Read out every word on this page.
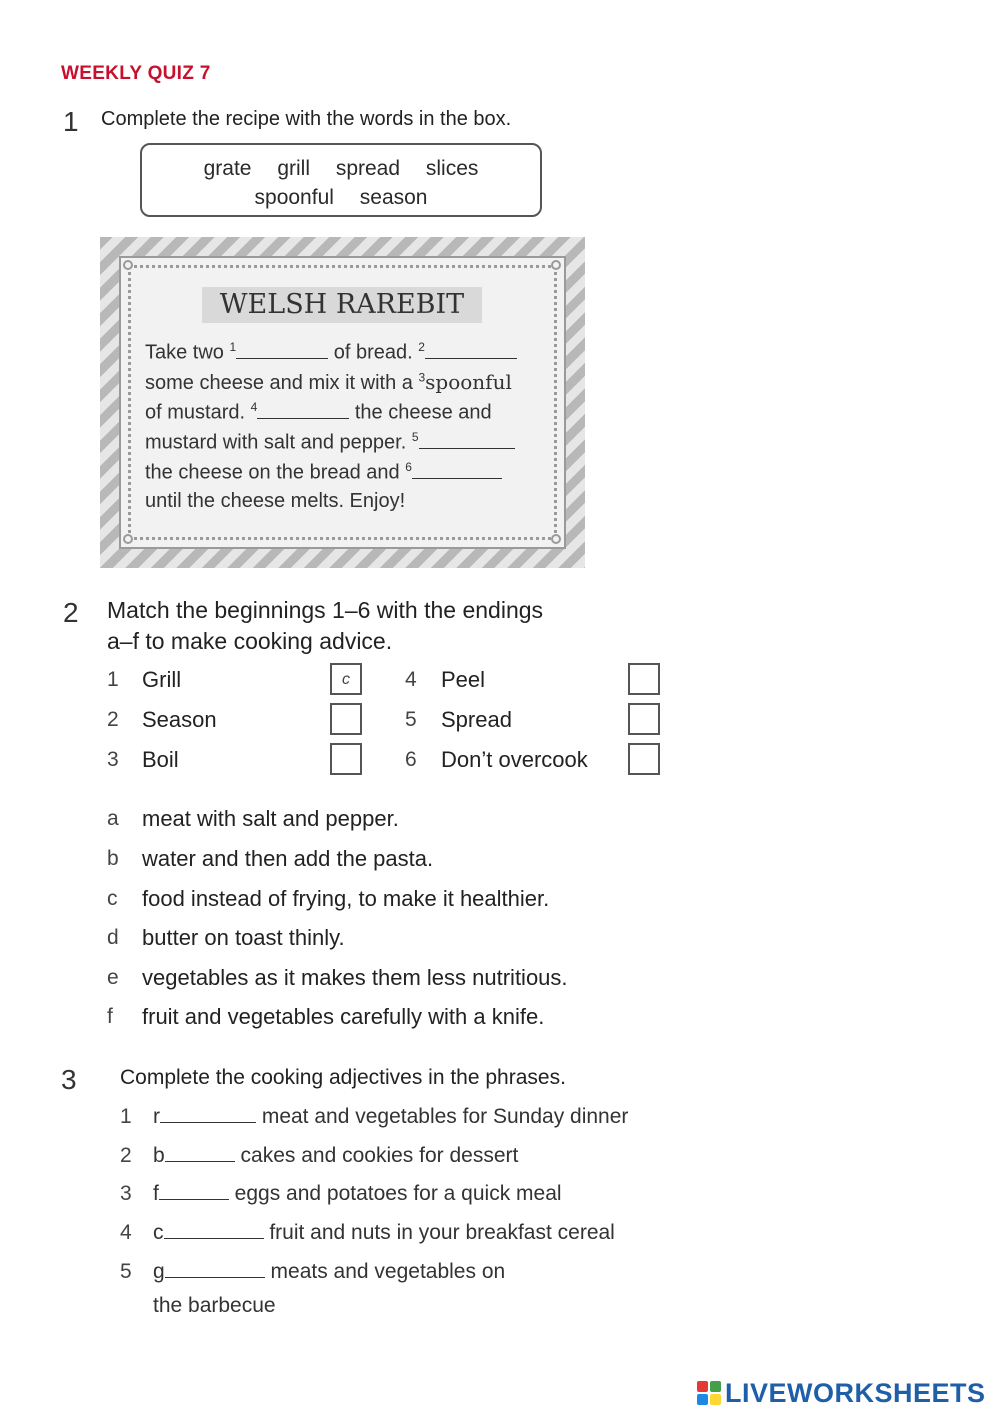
WEEKLY QUIZ 7
1 Complete the recipe with the words in the box.
grate grill spread slices
spoonful season
WELSH RAREBIT
Take two $^1$	of bread. $^2$
some cheese and mix it with a $^3$spoonful
of mustard. $^4$	the cheese and
mustard with salt and pepper. $^5$
the cheese on the bread and $^6$
until the cheese melts. Enjoy!
2 Match the beginnings 1–6 with the endings
a–f to make cooking advice.
1 Grill	c
2 Season
3 Boil
4 Peel
5 Spread
6 Don’t overcook
a meat with salt and pepper.
b water and then add the pasta.
c food instead of frying, to make it healthier.
d butter on toast thinly.
e vegetables as it makes them less nutritious.
f fruit and vegetables carefully with a knife.
3 Complete the cooking adjectives in the phrases.
1 r	meat and vegetables for Sunday dinner
2 b	cakes and cookies for dessert
3 f	eggs and potatoes for a quick meal
4 c	fruit and nuts in your breakfast cereal
5 g	meats and vegetables on
the barbecue
LIVEWORKSHEETS
